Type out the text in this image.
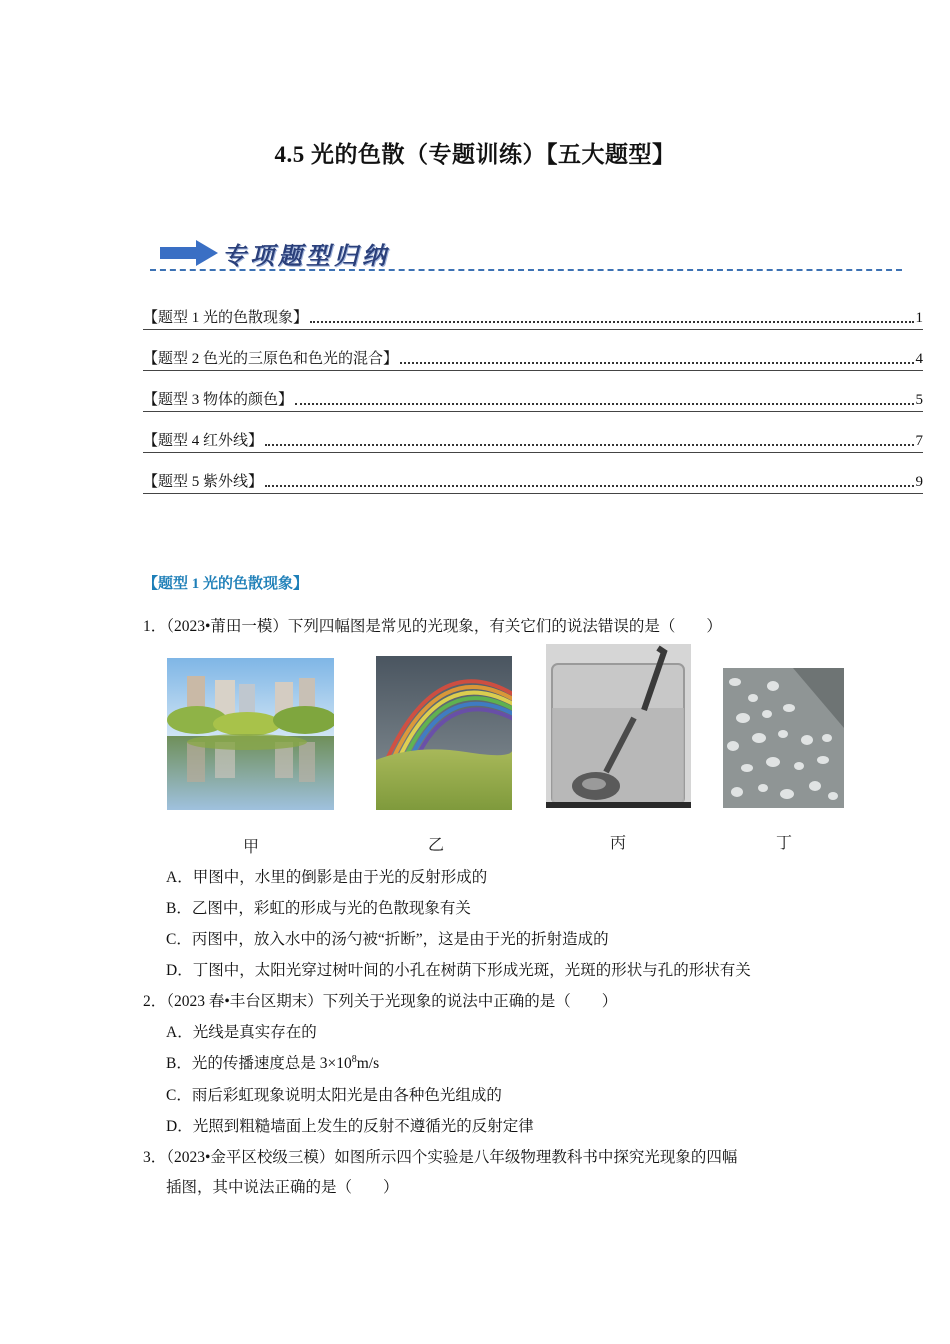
4.5 光的色散（专题训练）【五大题型】
专项题型归纳
【题型 1 光的色散现象】	1
【题型 2 色光的三原色和色光的混合】	4
【题型 3 物体的颜色】	5
【题型 4 红外线】	7
【题型 5 紫外线】	9
【题型 1 光的色散现象】
1．（2023•莆田一模）下列四幅图是常见的光现象，有关它们的说法错误的是（　　）
甲	乙	丙	丁
A．甲图中，水里的倒影是由于光的反射形成的
B．乙图中，彩虹的形成与光的色散现象有关
C．丙图中，放入水中的汤勺被“折断”，这是由于光的折射造成的
D．丁图中，太阳光穿过树叶间的小孔在树荫下形成光斑，光斑的形状与孔的形状有关
2．（2023 春•丰台区期末）下列关于光现象的说法中正确的是（　　）
A．光线是真实存在的
B．光的传播速度总是 $3\times 10^8m/s$
C．雨后彩虹现象说明太阳光是由各种色光组成的
D．光照到粗糙墙面上发生的反射不遵循光的反射定律
3．（2023•金平区校级三模）如图所示四个实验是八年级物理教科书中探究光现象的四幅
插图，其中说法正确的是（　　）
